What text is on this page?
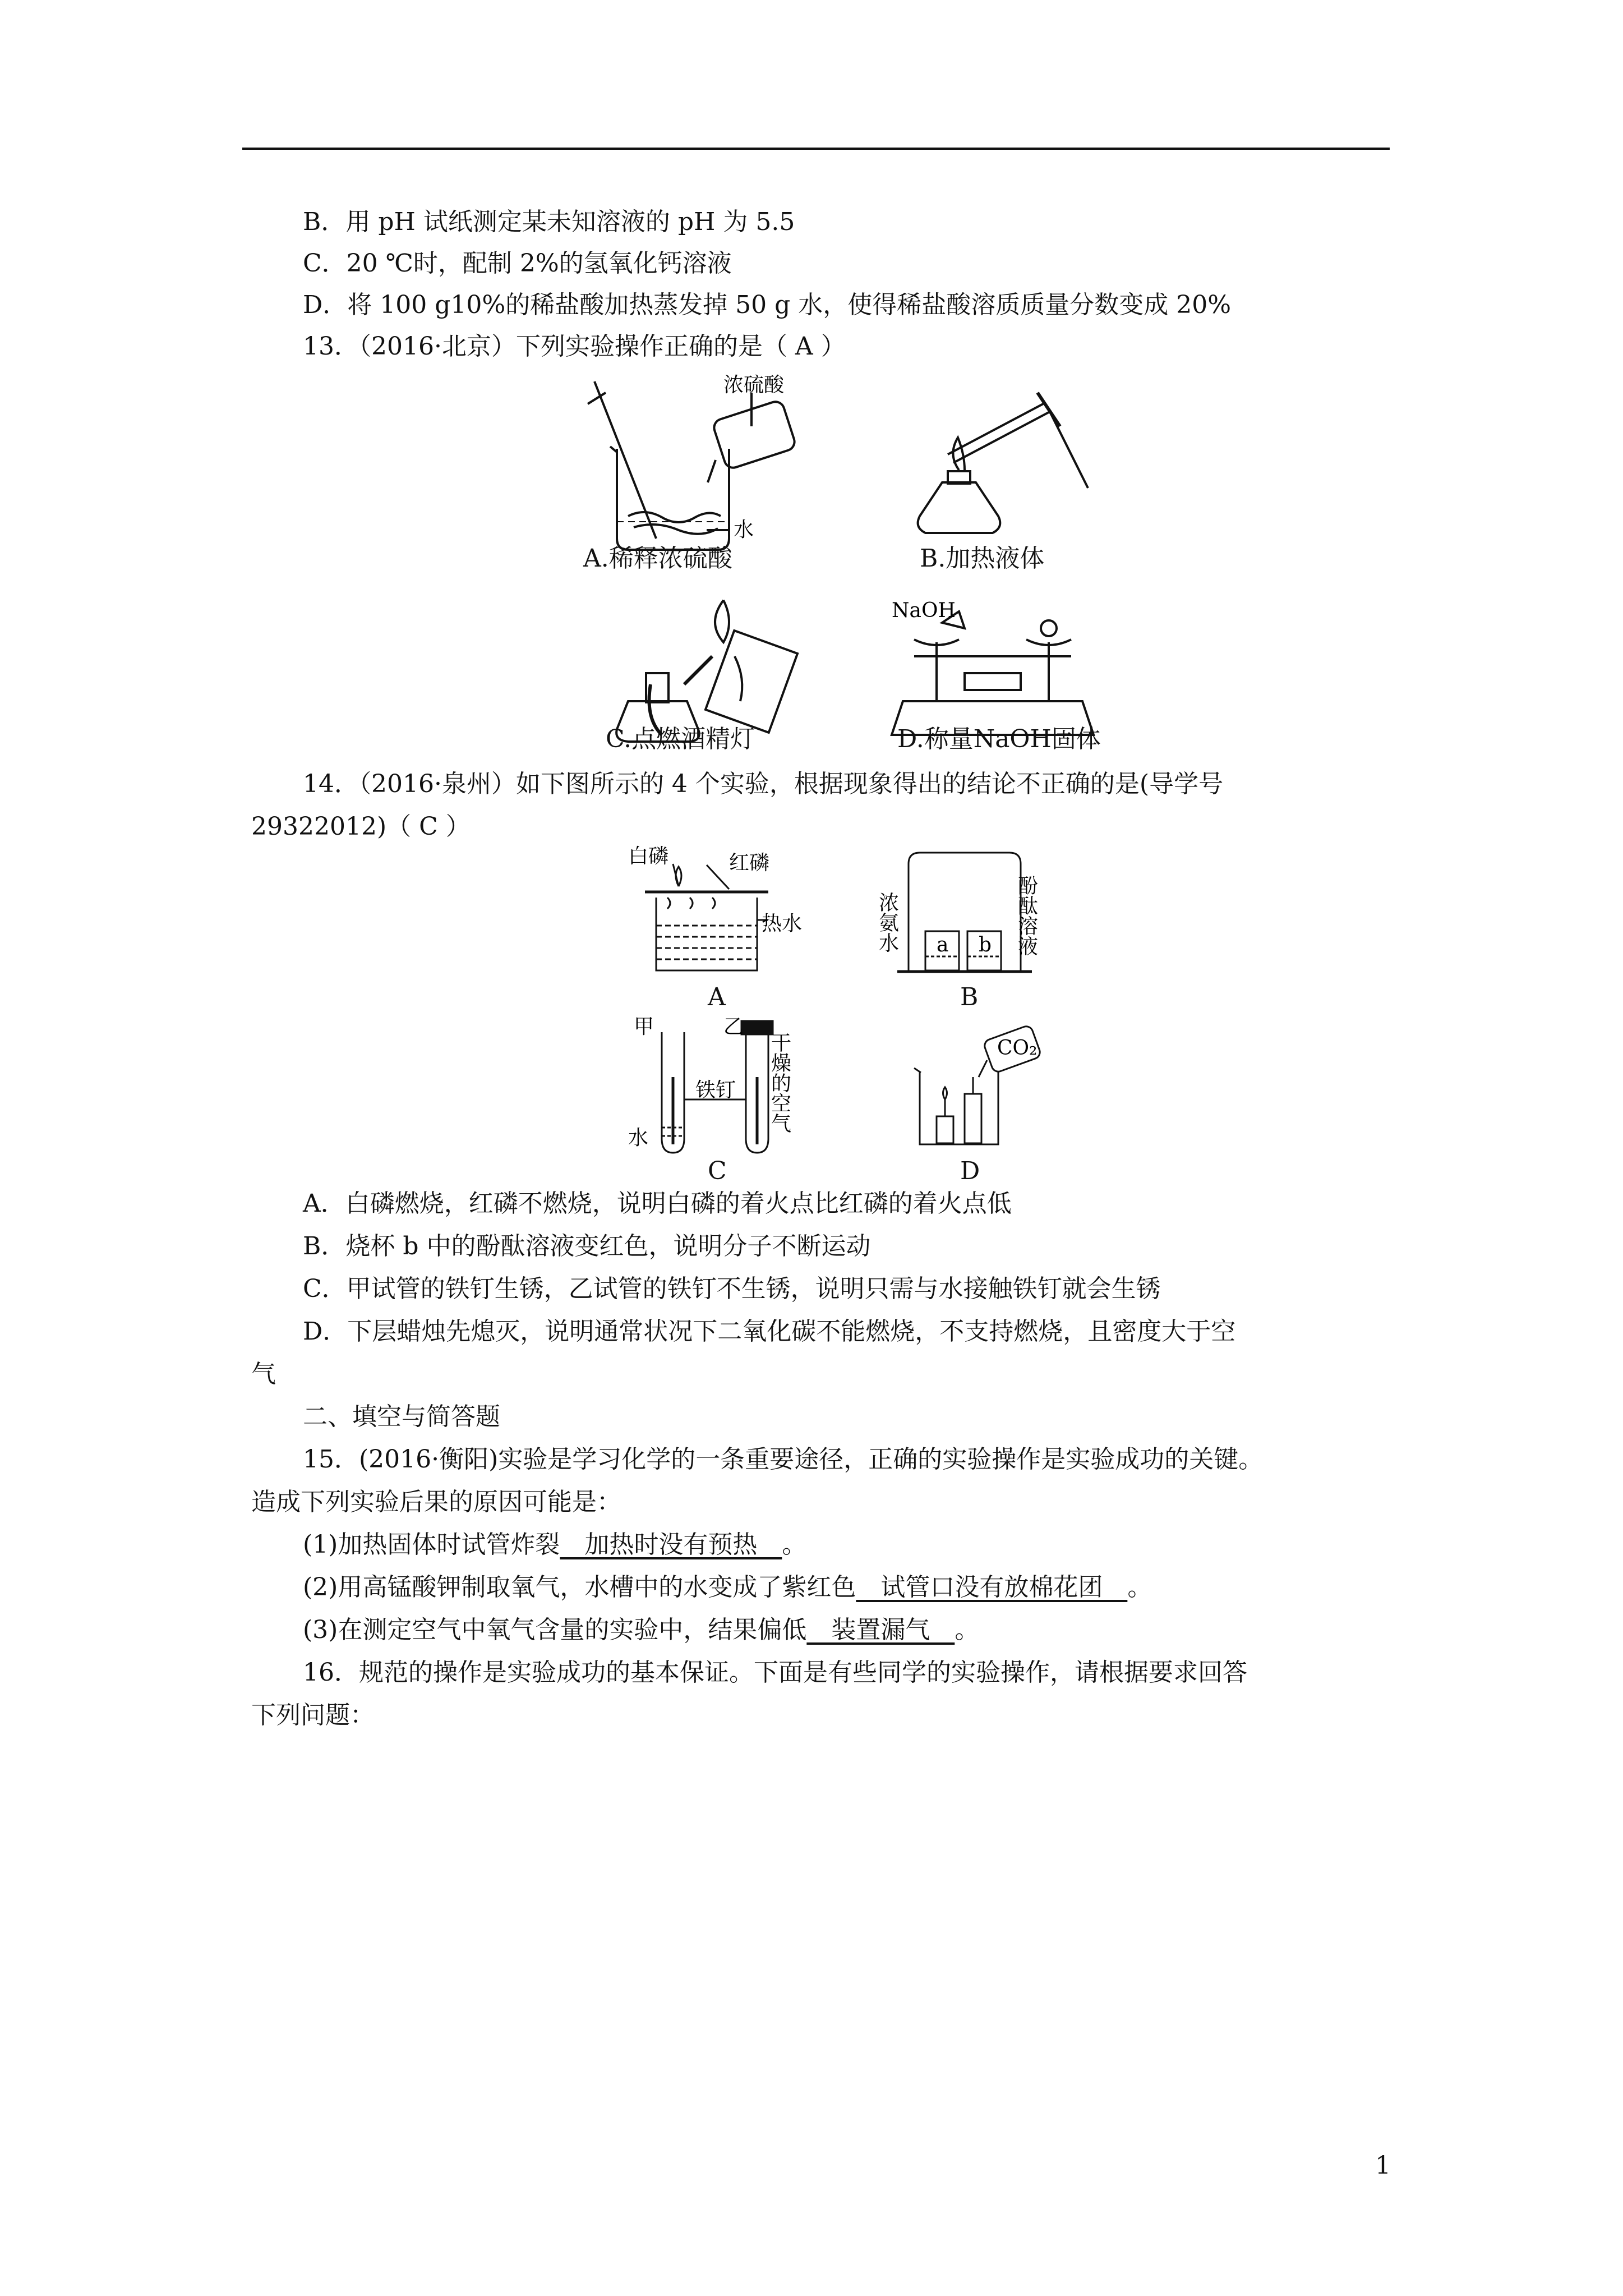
B．用 pH 试纸测定某未知溶液的 pH 为 5.5
C．20 ℃时，配制 2%的氢氧化钙溶液
D．将 100 g10%的稀盐酸加热蒸发掉 50 g 水，使得稀盐酸溶质质量分数变成 20%
13．（2016·北京）下列实验操作正确的是（ A ）
浓硫酸
水
A.稀释浓硫酸	B.加热液体
C.点燃酒精灯
NaOH
D.称量NaOH固体
14．（2016·泉州）如下图所示的 4 个实验，根据现象得出的结论不正确的是(导学号
29322012)（ C ）
白磷	红磷
热水
A
浓氨水	酚酞溶液
a b
B
甲	乙
铁钉
水
干燥的空气
C
CO₂
D
A．白磷燃烧，红磷不燃烧，说明白磷的着火点比红磷的着火点低
B．烧杯 b 中的酚酞溶液变红色，说明分子不断运动
C．甲试管的铁钉生锈，乙试管的铁钉不生锈，说明只需与水接触铁钉就会生锈
D．下层蜡烛先熄灭，说明通常状况下二氧化碳不能燃烧，不支持燃烧，且密度大于空
气
二、填空与简答题
15．(2016·衡阳)实验是学习化学的一条重要途径，正确的实验操作是实验成功的关键。
造成下列实验后果的原因可能是：
(1)加热固体时试管炸裂　加热时没有预热　。
(2)用高锰酸钾制取氧气，水槽中的水变成了紫红色　试管口没有放棉花团　。
(3)在测定空气中氧气含量的实验中，结果偏低　装置漏气　。
16．规范的操作是实验成功的基本保证。下面是有些同学的实验操作，请根据要求回答
下列问题：
1
